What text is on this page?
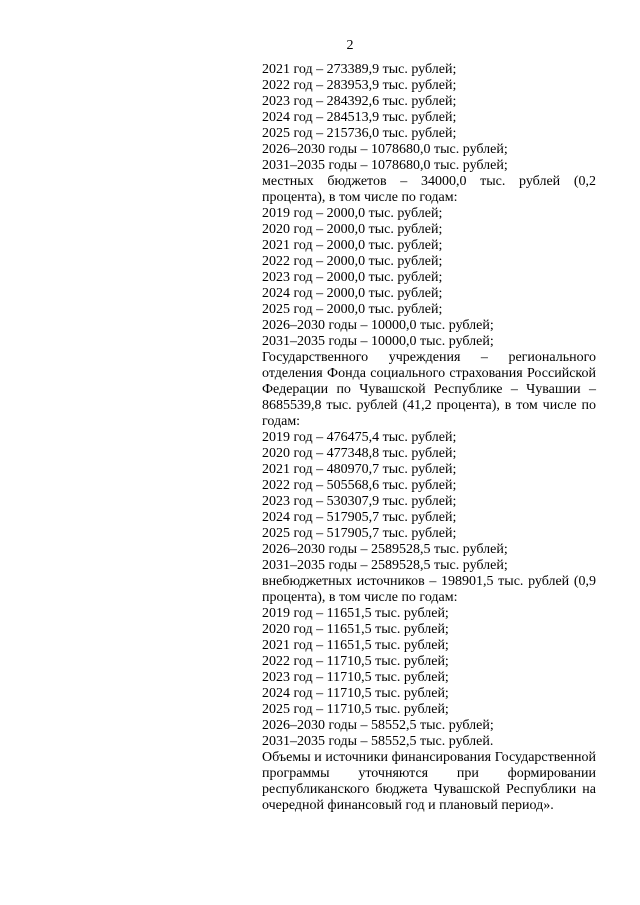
2
2021 год – 273389,9 тыс. рублей;
2022 год – 283953,9 тыс. рублей;
2023 год – 284392,6 тыс. рублей;
2024 год – 284513,9 тыс. рублей;
2025 год – 215736,0 тыс. рублей;
2026–2030 годы – 1078680,0 тыс. рублей;
2031–2035 годы – 1078680,0 тыс. рублей;
местных бюджетов – 34000,0 тыс. рублей (0,2 процента), в том числе по годам:
2019 год – 2000,0 тыс. рублей;
2020 год – 2000,0 тыс. рублей;
2021 год – 2000,0 тыс. рублей;
2022 год – 2000,0 тыс. рублей;
2023 год – 2000,0 тыс. рублей;
2024 год – 2000,0 тыс. рублей;
2025 год – 2000,0 тыс. рублей;
2026–2030 годы – 10000,0 тыс. рублей;
2031–2035 годы – 10000,0 тыс. рублей;
Государственного учреждения – регионального отделения Фонда социального страхования Российской Федерации по Чувашской Республике – Чувашии – 8685539,8 тыс. рублей (41,2 процента), в том числе по годам:
2019 год – 476475,4 тыс. рублей;
2020 год – 477348,8 тыс. рублей;
2021 год – 480970,7 тыс. рублей;
2022 год – 505568,6 тыс. рублей;
2023 год – 530307,9 тыс. рублей;
2024 год – 517905,7 тыс. рублей;
2025 год – 517905,7 тыс. рублей;
2026–2030 годы – 2589528,5 тыс. рублей;
2031–2035 годы – 2589528,5 тыс. рублей;
внебюджетных источников – 198901,5 тыс. рублей (0,9 процента), в том числе по годам:
2019 год – 11651,5 тыс. рублей;
2020 год – 11651,5 тыс. рублей;
2021 год – 11651,5 тыс. рублей;
2022 год – 11710,5 тыс. рублей;
2023 год – 11710,5 тыс. рублей;
2024 год – 11710,5 тыс. рублей;
2025 год – 11710,5 тыс. рублей;
2026–2030 годы – 58552,5 тыс. рублей;
2031–2035 годы – 58552,5 тыс. рублей.
Объемы и источники финансирования Государственной программы уточняются при формировании республиканского бюджета Чувашской Республики на очередной финансовый год и плановый период».
